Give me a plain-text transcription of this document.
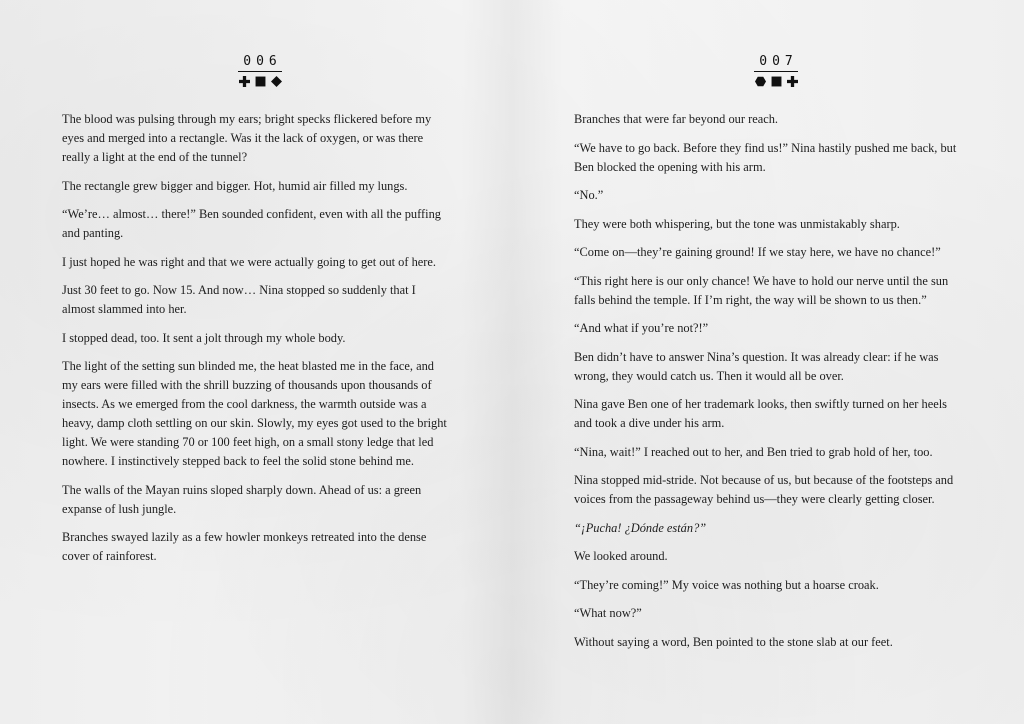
006

The blood was pulsing through my ears; bright specks flickered before my eyes and merged into a rectangle. Was it the lack of oxygen, or was there really a light at the end of the tunnel?

The rectangle grew bigger and bigger. Hot, humid air filled my lungs.

“We’re… almost… there!” Ben sounded confident, even with all the puffing and panting.

I just hoped he was right and that we were actually going to get out of here.

Just 30 feet to go. Now 15. And now… Nina stopped so suddenly that I almost slammed into her.

I stopped dead, too. It sent a jolt through my whole body.

The light of the setting sun blinded me, the heat blasted me in the face, and my ears were filled with the shrill buzzing of thousands upon thousands of insects. As we emerged from the cool darkness, the warmth outside was a heavy, damp cloth settling on our skin. Slowly, my eyes got used to the bright light. We were standing 70 or 100 feet high, on a small stony ledge that led nowhere. I instinctively stepped back to feel the solid stone behind me.

The walls of the Mayan ruins sloped sharply down. Ahead of us: a green expanse of lush jungle.

Branches swayed lazily as a few howler monkeys retreated into the dense cover of rainforest.

007

Branches that were far beyond our reach.

“We have to go back. Before they find us!” Nina hastily pushed me back, but Ben blocked the opening with his arm.

“No.”

They were both whispering, but the tone was unmistakably sharp.

“Come on—they’re gaining ground! If we stay here, we have no chance!”

“This right here is our only chance! We have to hold our nerve until the sun falls behind the temple. If I’m right, the way will be shown to us then.”

“And what if you’re not?!”

Ben didn’t have to answer Nina’s question. It was already clear: if he was wrong, they would catch us. Then it would all be over.

Nina gave Ben one of her trademark looks, then swiftly turned on her heels and took a dive under his arm.

“Nina, wait!” I reached out to her, and Ben tried to grab hold of her, too.

Nina stopped mid-stride. Not because of us, but because of the footsteps and voices from the passageway behind us—they were clearly getting closer.

“¡Pucha! ¿Dónde están?”

We looked around.

“They’re coming!” My voice was nothing but a hoarse croak.

“What now?”

Without saying a word, Ben pointed to the stone slab at our feet.
